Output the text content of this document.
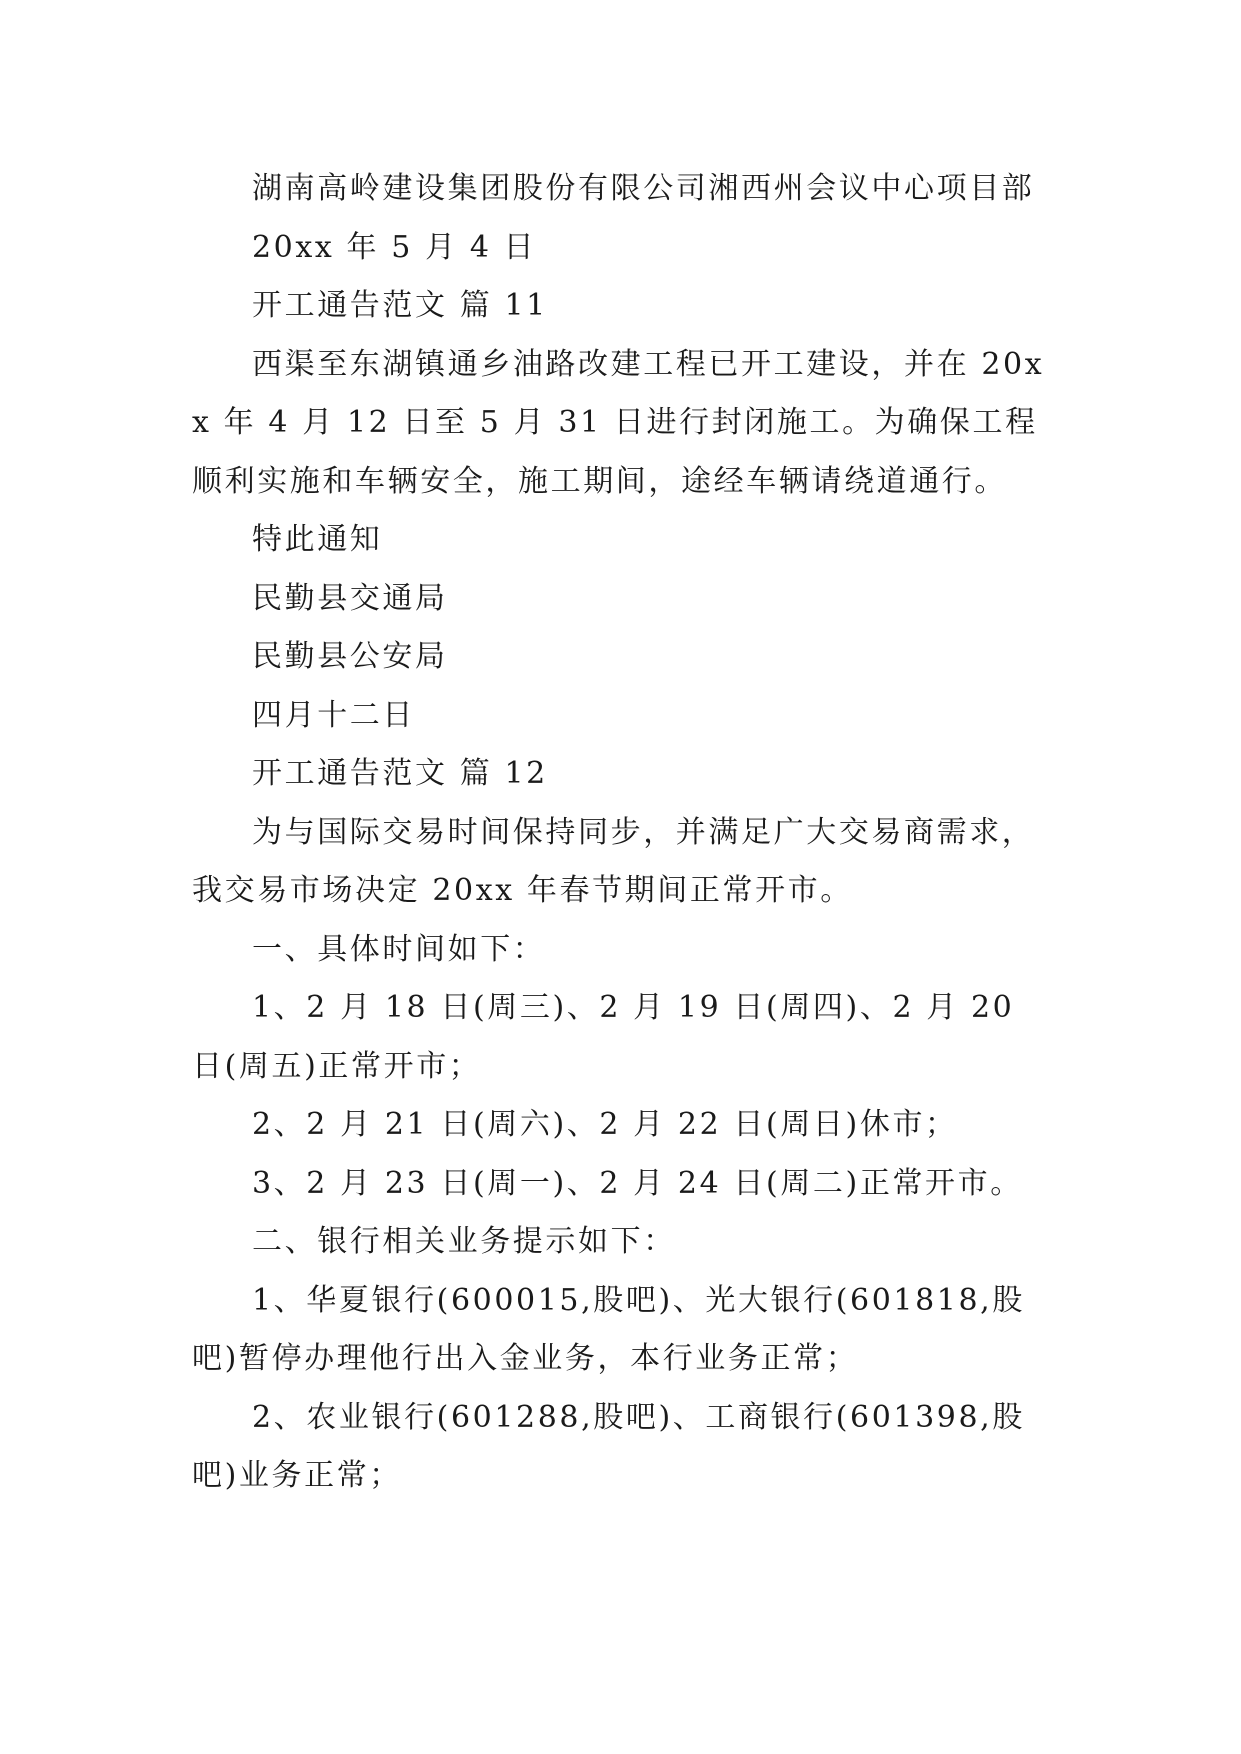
湖南高岭建设集团股份有限公司湘西州会议中心项目部

20xx 年 5 月 4 日

开工通告范文 篇 11

西渠至东湖镇通乡油路改建工程已开工建设，并在 20xx 年 4 月 12 日至 5 月 31 日进行封闭施工。为确保工程顺利实施和车辆安全，施工期间，途经车辆请绕道通行。

特此通知

民勤县交通局

民勤县公安局

四月十二日

开工通告范文 篇 12

为与国际交易时间保持同步，并满足广大交易商需求，我交易市场决定 20xx 年春节期间正常开市。

一、具体时间如下：

1、2 月 18 日(周三)、2 月 19 日(周四)、2 月 20 日(周五)正常开市；

2、2 月 21 日(周六)、2 月 22 日(周日)休市；

3、2 月 23 日(周一)、2 月 24 日(周二)正常开市。

二、银行相关业务提示如下：

1、华夏银行(600015,股吧)、光大银行(601818,股吧)暂停办理他行出入金业务，本行业务正常；

2、农业银行(601288,股吧)、工商银行(601398,股吧)业务正常；
